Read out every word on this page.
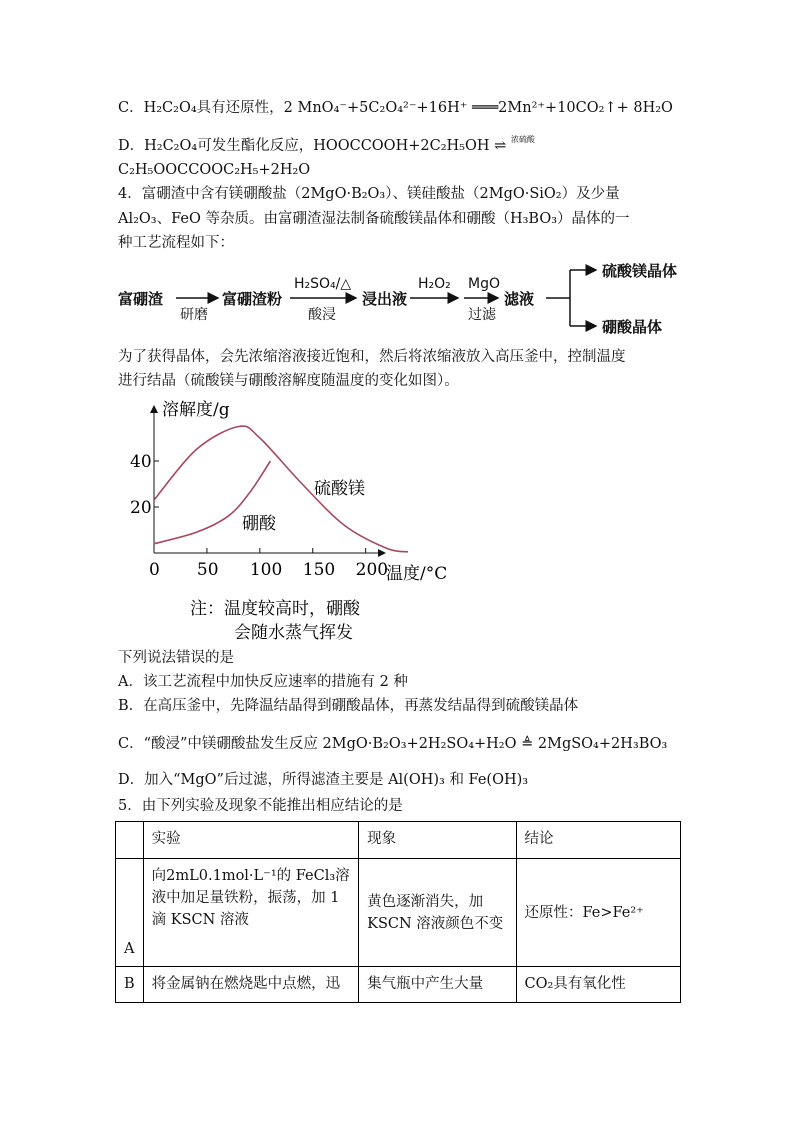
C．H₂C₂O₄具有还原性，2 MnO₄⁻+5C₂O₄²⁻+16H⁺ ═══2Mn²⁺+10CO₂↑+ 8H₂O
D．H₂C₂O₄可发生酯化反应，HOOCCOOH+2C₂H₅OH ⇌ $^{浓硫酸}$
C₂H₅OOCCOOC₂H₅+2H₂O
4．富硼渣中含有镁硼酸盐（2MgO·B₂O₃）、镁硅酸盐（2MgO·SiO₂）及少量
Al₂O₃、FeO 等杂质。由富硼渣湿法制备硫酸镁晶体和硼酸（H₃BO₃）晶体的一
种工艺流程如下：
富硼渣
研磨
富硼渣粉
H₂SO₄/△
酸浸
浸出液
H₂O₂ MgO
过滤
滤液
硫酸镁晶体
硼酸晶体
为了获得晶体，会先浓缩溶液接近饱和，然后将浓缩液放入高压釜中，控制温度
进行结晶（硫酸镁与硼酸溶解度随温度的变化如图）。
溶解度/g
温度/°C
0 50 100 150 200
20
40
硫酸镁
硼酸
注：温度较高时，硼酸
会随水蒸气挥发
下列说法错误的是
A．该工艺流程中加快反应速率的措施有 2 种
B．在高压釜中，先降温结晶得到硼酸晶体，再蒸发结晶得到硫酸镁晶体
C．“酸浸”中镁硼酸盐发生反应 2MgO·B₂O₃+2H₂SO₄+H₂O ≜ 2MgSO₄+2H₃BO₃
D．加入“MgO”后过滤，所得滤渣主要是 Al(OH)₃ 和 Fe(OH)₃
5．由下列实验及现象不能推出相应结论的是
	实验	现象	结论
A	向2mL0.1mol·L⁻¹的 FeCl₃溶液中加足量铁粉，振荡，加 1 滴 KSCN 溶液	黄色逐渐消失，加 KSCN 溶液颜色不变	还原性：Fe>Fe²⁺
B	将金属钠在燃烧匙中点燃，迅	集气瓶中产生大量	CO₂具有氧化性
